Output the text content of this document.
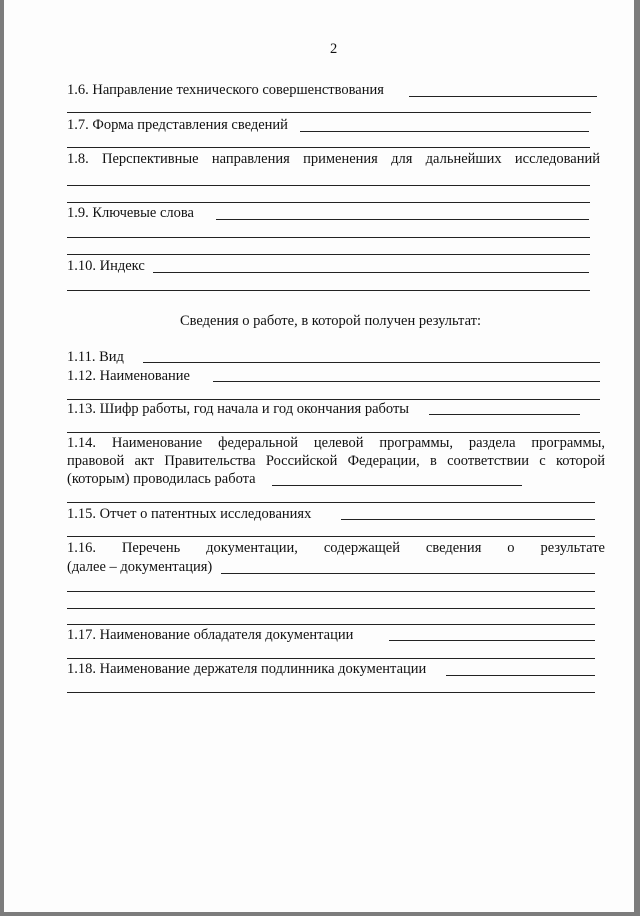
2
1.6. Направление технического совершенствования
1.7. Форма представления сведений
1.8. Перспективные направления применения для дальнейших исследований
1.9. Ключевые слова
1.10. Индекс
Сведения о работе, в которой получен результат:
1.11. Вид
1.12. Наименование
1.13. Шифр работы, год начала и год окончания работы
1.14. Наименование федеральной целевой программы, раздела программы,
правовой акт Правительства Российской Федерации, в соответствии с которой
(которым) проводилась работа
1.15. Отчет о патентных исследованиях
1.16. Перечень документации, содержащей сведения о результате
(далее – документация)
1.17. Наименование обладателя документации
1.18. Наименование держателя подлинника документации
